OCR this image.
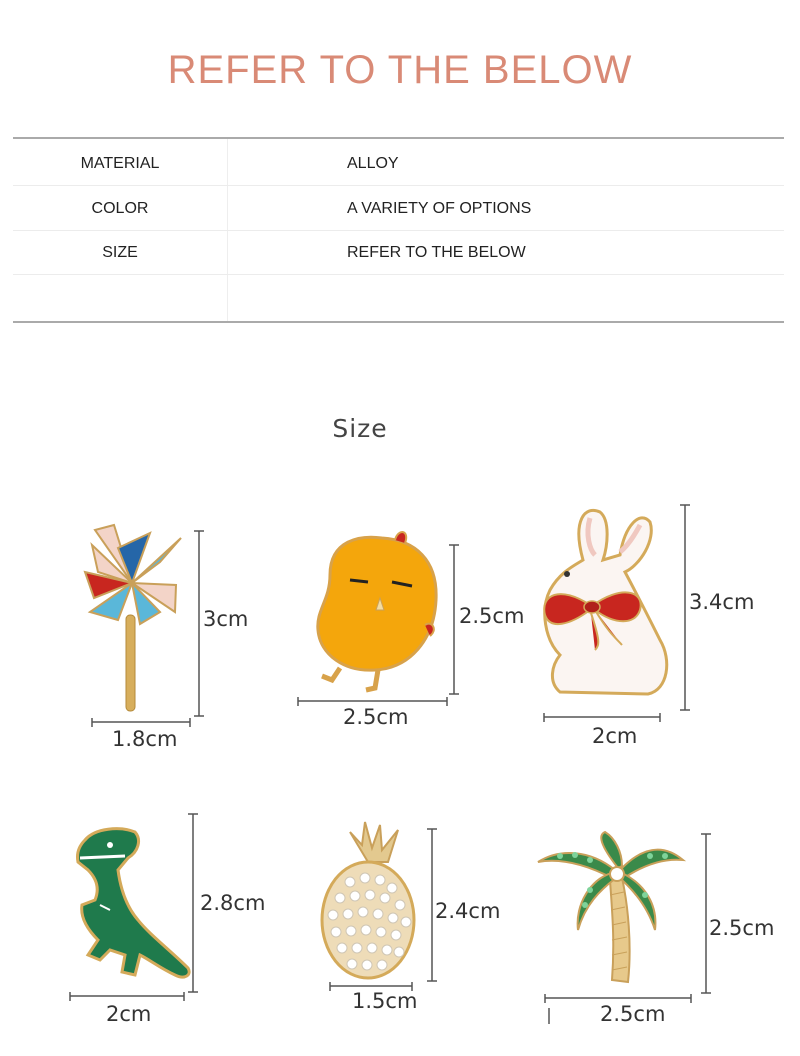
REFER TO THE BELOW
MATERIAL	ALLOY
COLOR	A VARIETY OF OPTIONS
SIZE	REFER TO THE BELOW
Size
3cm
1.8cm
2.5cm
2.5cm
3.4cm
2cm
2.8cm
2cm
2.4cm
1.5cm
2.5cm
2.5cm
